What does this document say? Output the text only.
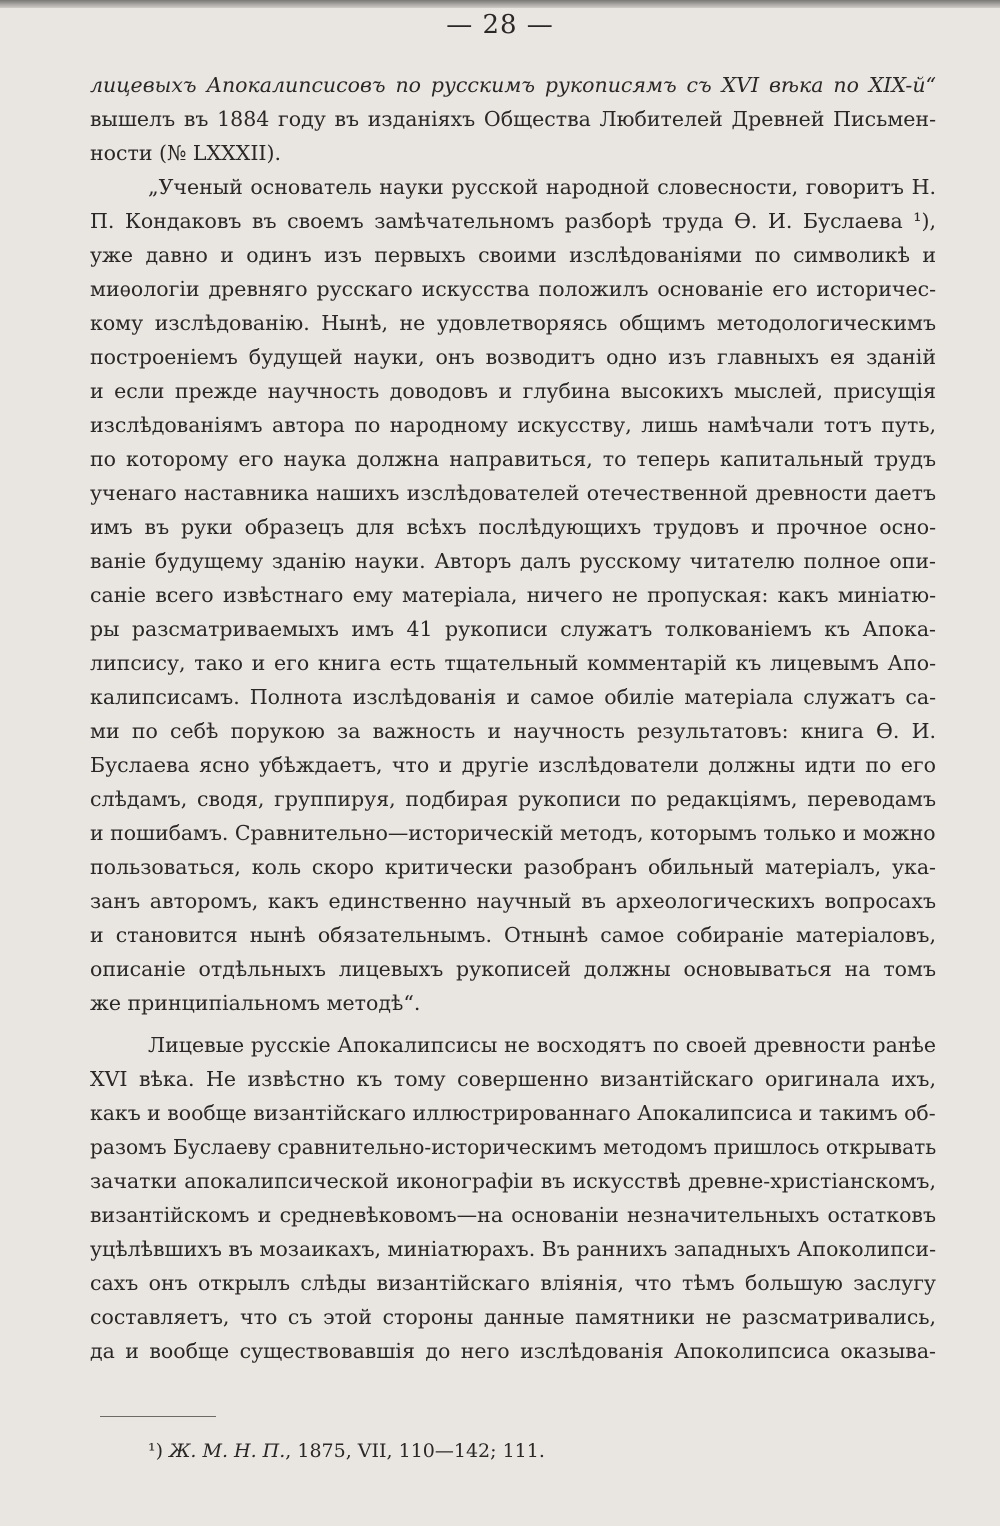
— 28 —
лицевыхъ Апокалипсисовъ по русскимъ рукописямъ съ XVI вѣка по XIX-й“
вышелъ въ 1884 году въ изданіяхъ Общества Любителей Древней Письмен-
ности (№ LXXXII).
„Ученый основатель науки русской народной словесности, говоритъ Н.
П. Кондаковъ въ своемъ замѣчательномъ разборѣ труда Ѳ. И. Буслаева ¹),
уже давно и одинъ изъ первыхъ своими изслѣдованіями по символикѣ и
миѳологіи древняго русскаго искусства положилъ основаніе его историчес-
кому изслѣдованію. Нынѣ, не удовлетворяясь общимъ методологическимъ
построеніемъ будущей науки, онъ возводитъ одно изъ главныхъ ея зданій
и если прежде научность доводовъ и глубина высокихъ мыслей, присущія
изслѣдованіямъ автора по народному искусству, лишь намѣчали тотъ путь,
по которому его наука должна направиться, то теперь капитальный трудъ
ученаго наставника нашихъ изслѣдователей отечественной древности даетъ
имъ въ руки образецъ для всѣхъ послѣдующихъ трудовъ и прочное осно-
ваніе будущему зданію науки. Авторъ далъ русскому читателю полное опи-
саніе всего извѣстнаго ему матеріала, ничего не пропуская: какъ миніатю-
ры разсматриваемыхъ имъ 41 рукописи служатъ толкованіемъ къ Апока-
липсису, тако и его книга есть тщательный комментарій къ лицевымъ Апо-
калипсисамъ. Полнота изслѣдованія и самое обиліе матеріала служатъ са-
ми по себѣ порукою за важность и научность результатовъ: книга Ѳ. И.
Буслаева ясно убѣждаетъ, что и другіе изслѣдователи должны идти по его
слѣдамъ, сводя, группируя, подбирая рукописи по редакціямъ, переводамъ
и пошибамъ. Сравнительно—историческій методъ, которымъ только и можно
пользоваться, коль скоро критически разобранъ обильный матеріалъ, ука-
занъ авторомъ, какъ единственно научный въ археологическихъ вопросахъ
и становится нынѣ обязательнымъ. Отнынѣ самое собираніе матеріаловъ,
описаніе отдѣльныхъ лицевыхъ рукописей должны основываться на томъ
же принципіальномъ методѣ“.
Лицевые русскіе Апокалипсисы не восходятъ по своей древности ранѣе
XVI вѣка. Не извѣстно къ тому совершенно византійскаго оригинала ихъ,
какъ и вообще византійскаго иллюстрированнаго Апокалипсиса и такимъ об-
разомъ Буслаеву сравнительно-историческимъ методомъ пришлось открывать
зачатки апокалипсической иконографіи въ искусствѣ древне-христіанскомъ,
византійскомъ и средневѣковомъ—на основаніи незначительныхъ остатковъ
уцѣлѣвшихъ въ мозаикахъ, миніатюрахъ. Въ раннихъ западныхъ Апоколипси-
сахъ онъ открылъ слѣды византійскаго вліянія, что тѣмъ большую заслугу
составляетъ, что съ этой стороны данные памятники не разсматривались,
да и вообще существовавшія до него изслѣдованія Апоколипсиса оказыва-
¹) Ж. М. Н. П., 1875, VII, 110—142; 111.
